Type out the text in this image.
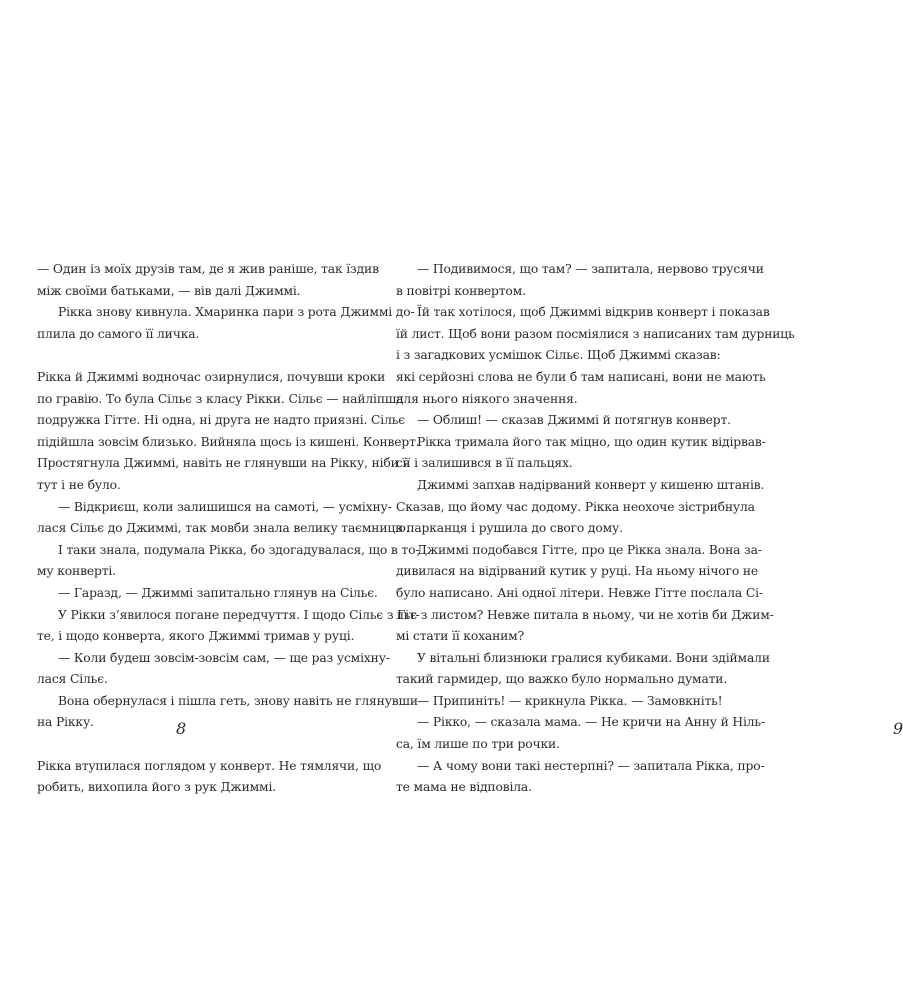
— Один із моїх друзів там, де я жив раніше, так їздив
між своїми батьками, — вів далі Джиммі.
Рікка знову кивнула. Хмаринка пари з рота Джиммі до-
плила до самого її личка.
Рікка й Джиммі водночас озирнулися, почувши кроки
по гравію. То була Сільє з класу Рікки. Сільє — найліпша
подружка Гітте. Ні одна, ні друга не надто приязні. Сільє
підійшла зовсім близько. Вийняла щось із кишені. Конверт.
Простягнула Джиммі, навіть не глянувши на Рікку, ніби її
тут і не було.
— Відкриєш, коли залишишся на самоті, — усміхну-
лася Сільє до Джиммі, так мовби знала велику таємницю.
І таки знала, подумала Рікка, бо здогадувалася, що в то-
му конверті.
— Гаразд, — Джиммі запитально глянув на Сільє.
У Рікки з’явилося погане передчуття. І щодо Сільє з Гіт-
те, і щодо конверта, якого Джиммі тримав у руці.
— Коли будеш зовсім-зовсім сам, — ще раз усміхну-
лася Сільє.
Вона обернулася і пішла геть, знову навіть не глянувши
на Рікку.
Рікка втупилася поглядом у конверт. Не тямлячи, що
робить, вихопила його з рук Джиммі.
8
— Подивимося, що там? — запитала, нервово трусячи
в повітрі конвертом.
Їй так хотілося, щоб Джиммі відкрив конверт і показав
їй лист. Щоб вони разом посміялися з написаних там дурниць
і з загадкових усмішок Сільє. Щоб Джиммі сказав:
які серйозні слова не були б там написані, вони не мають
для нього ніякого значення.
— Облиш! — сказав Джиммі й потягнув конверт.
Рікка тримала його так міцно, що один кутик відірвав-
ся і залишився в її пальцях.
Джиммі запхав надірваний конверт у кишеню штанів.
Сказав, що йому час додому. Рікка неохоче зістрибнула
з парканця і рушила до свого дому.
Джиммі подобався Гітте, про це Рікка знала. Вона за-
дивилася на відірваний кутик у руці. На ньому нічого не
було написано. Ані одної літери. Невже Гітте послала Сі-
льє з листом? Невже питала в ньому, чи не хотів би Джим-
мі стати її коханим?
У вітальні близнюки гралися кубиками. Вони здіймали
такий гармидер, що важко було нормально думати.
— Припиніть! — крикнула Рікка. — Замовкніть!
— Рікко, — сказала мама. — Не кричи на Анну й Ніль-
са, їм лише по три рочки.
— А чому вони такі нестерпні? — запитала Рікка, про-
те мама не відповіла.
9
